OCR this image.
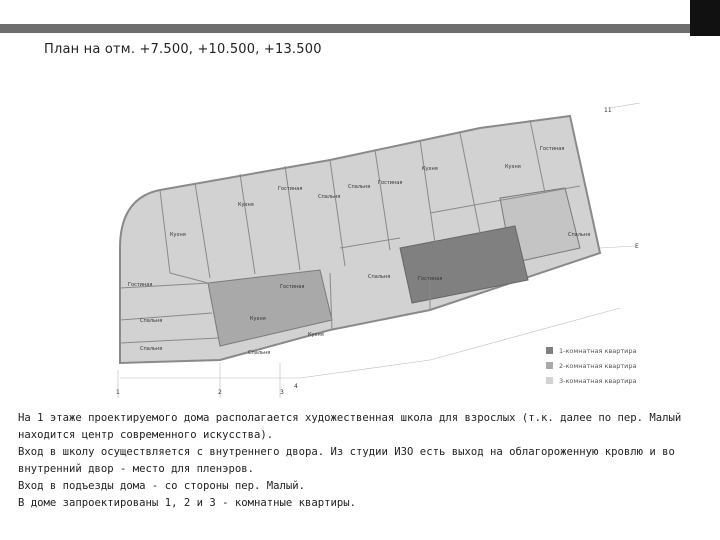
План на отм. +7.500, +10.500, +13.500
Кухня
Гостиная
Спальня
Спальня
Кухня
Гостиная
Спальня
Спальня
Гостиная
Кухня	Кухня
Гостиная
Спальня
Гостиная
Кухня
Спальня
Спальня	Гостиная
Кухня
1	2	3
4
11
E
1-комнатная квартира
2-комнатная квартира
3-комнатная квартира

На 1 этаже проектируемого дома располагается художественная школа для взрослых (т.к. далее по пер. Малый находится центр современного искусства).

Вход в школу осуществляется с внутреннего двора. Из студии ИЗО есть выход на облагороженную кровлю и во внутренний двор - место для пленэров.

Вход в подъезды дома - со стороны пер. Малый.

В доме запроектированы 1, 2 и 3 - комнатные квартиры.
